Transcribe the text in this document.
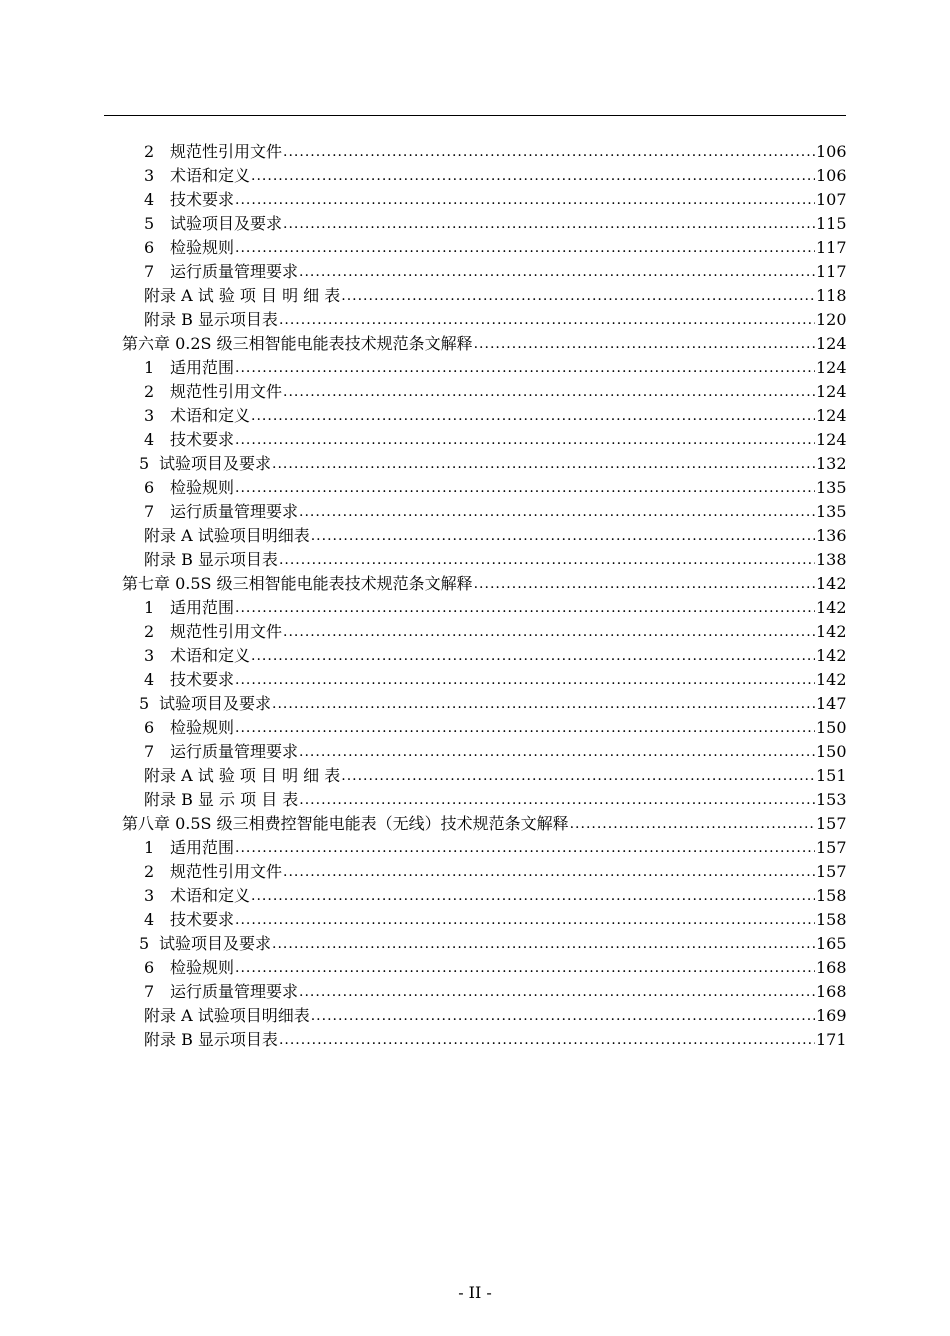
2 规范性引用文件 .....	106
3 术语和定义 .....	106
4 技术要求 .....	107
5 试验项目及要求 .....	115
6 检验规则 .....	117
7 运行质量管理要求 .....	117
附录 A 试 验 项 目 明 细 表 .....	118
附录 B 显示项目表 .....	120
第六章 0.2S 级三相智能电能表技术规范条文解释 .....	124
1 适用范围 .....	124
2 规范性引用文件 .....	124
3 术语和定义 .....	124
4 技术要求 .....	124
5 试验项目及要求 .....	132
6 检验规则 .....	135
7 运行质量管理要求 .....	135
附录 A 试验项目明细表 .....	136
附录 B 显示项目表 .....	138
第七章 0.5S 级三相智能电能表技术规范条文解释 .....	142
1 适用范围 .....	142
2 规范性引用文件 .....	142
3 术语和定义 .....	142
4 技术要求 .....	142
5 试验项目及要求 .....	147
6 检验规则 .....	150
7 运行质量管理要求 .....	150
附录 A 试 验 项 目 明 细 表 .....	151
附录 B 显 示 项 目 表 .....	153
第八章 0.5S 级三相费控智能电能表（无线）技术规范条文解释 .....	157
1 适用范围 .....	157
2 规范性引用文件 .....	157
3 术语和定义 .....	158
4 技术要求 .....	158
5 试验项目及要求 .....	165
6 检验规则 .....	168
7 运行质量管理要求 .....	168
附录 A 试验项目明细表 .....	169
附录 B 显示项目表 .....	171
- II -
